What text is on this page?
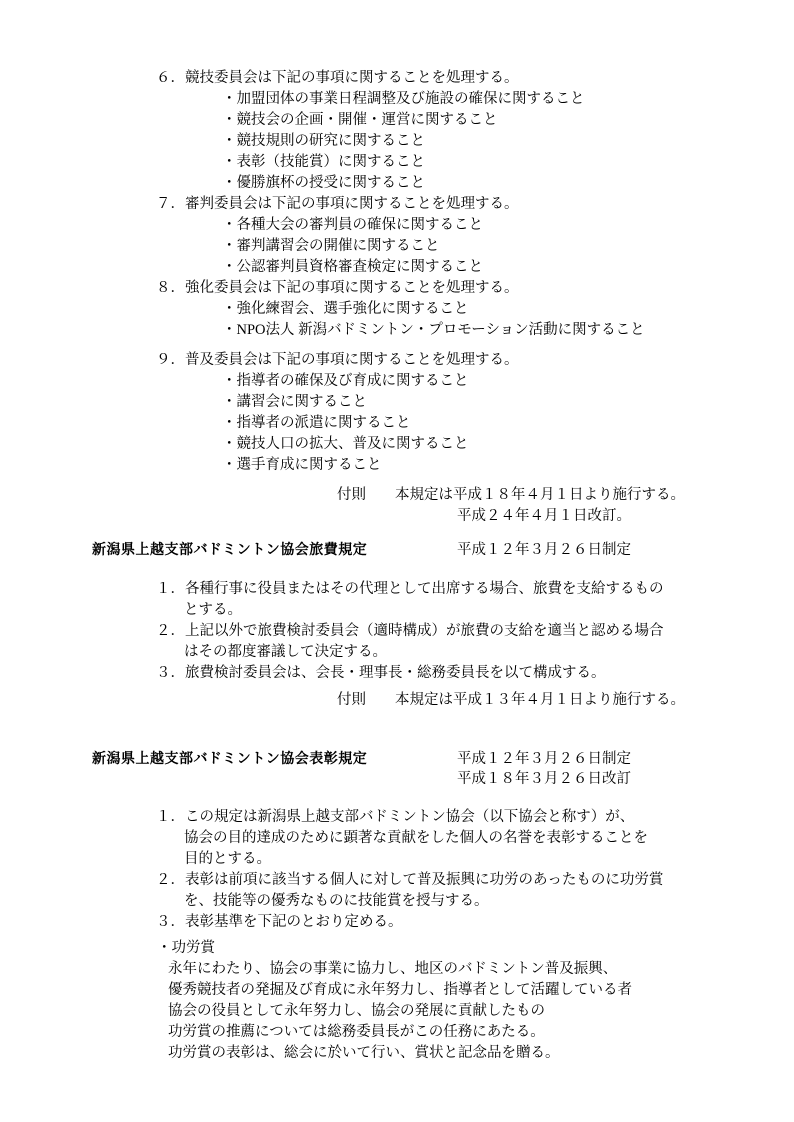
６．競技委員会は下記の事項に関することを処理する。
・加盟団体の事業日程調整及び施設の確保に関すること
・競技会の企画・開催・運営に関すること
・競技規則の研究に関すること
・表彰（技能賞）に関すること
・優勝旗杯の授受に関すること
７．審判委員会は下記の事項に関することを処理する。
・各種大会の審判員の確保に関すること
・審判講習会の開催に関すること
・公認審判員資格審査検定に関すること
８．強化委員会は下記の事項に関することを処理する。
・強化練習会、選手強化に関すること
・NPO法人 新潟バドミントン・プロモーション活動に関すること
９．普及委員会は下記の事項に関することを処理する。
・指導者の確保及び育成に関すること
・講習会に関すること
・指導者の派遣に関すること
・競技人口の拡大、普及に関すること
・選手育成に関すること
付則 本規定は平成１８年４月１日より施行する。
平成２４年４月１日改訂。
新潟県上越支部バドミントン協会旅費規定	平成１２年３月２６日制定
１．各種行事に役員またはその代理として出席する場合、旅費を支給するもの
とする。
２．上記以外で旅費検討委員会（適時構成）が旅費の支給を適当と認める場合
はその都度審議して決定する。
３．旅費検討委員会は、会長・理事長・総務委員長を以て構成する。
付則 本規定は平成１３年４月１日より施行する。
新潟県上越支部バドミントン協会表彰規定	平成１２年３月２６日制定
平成１８年３月２６日改訂
１．この規定は新潟県上越支部バドミントン協会（以下協会と称す）が、
協会の目的達成のために顕著な貢献をした個人の名誉を表彰することを
目的とする。
２．表彰は前項に該当する個人に対して普及振興に功労のあったものに功労賞
を、技能等の優秀なものに技能賞を授与する。
３．表彰基準を下記のとおり定める。
・功労賞
永年にわたり、協会の事業に協力し、地区のバドミントン普及振興、
優秀競技者の発掘及び育成に永年努力し、指導者として活躍している者
協会の役員として永年努力し、協会の発展に貢献したもの
功労賞の推薦については総務委員長がこの任務にあたる。
功労賞の表彰は、総会に於いて行い、賞状と記念品を贈る。
